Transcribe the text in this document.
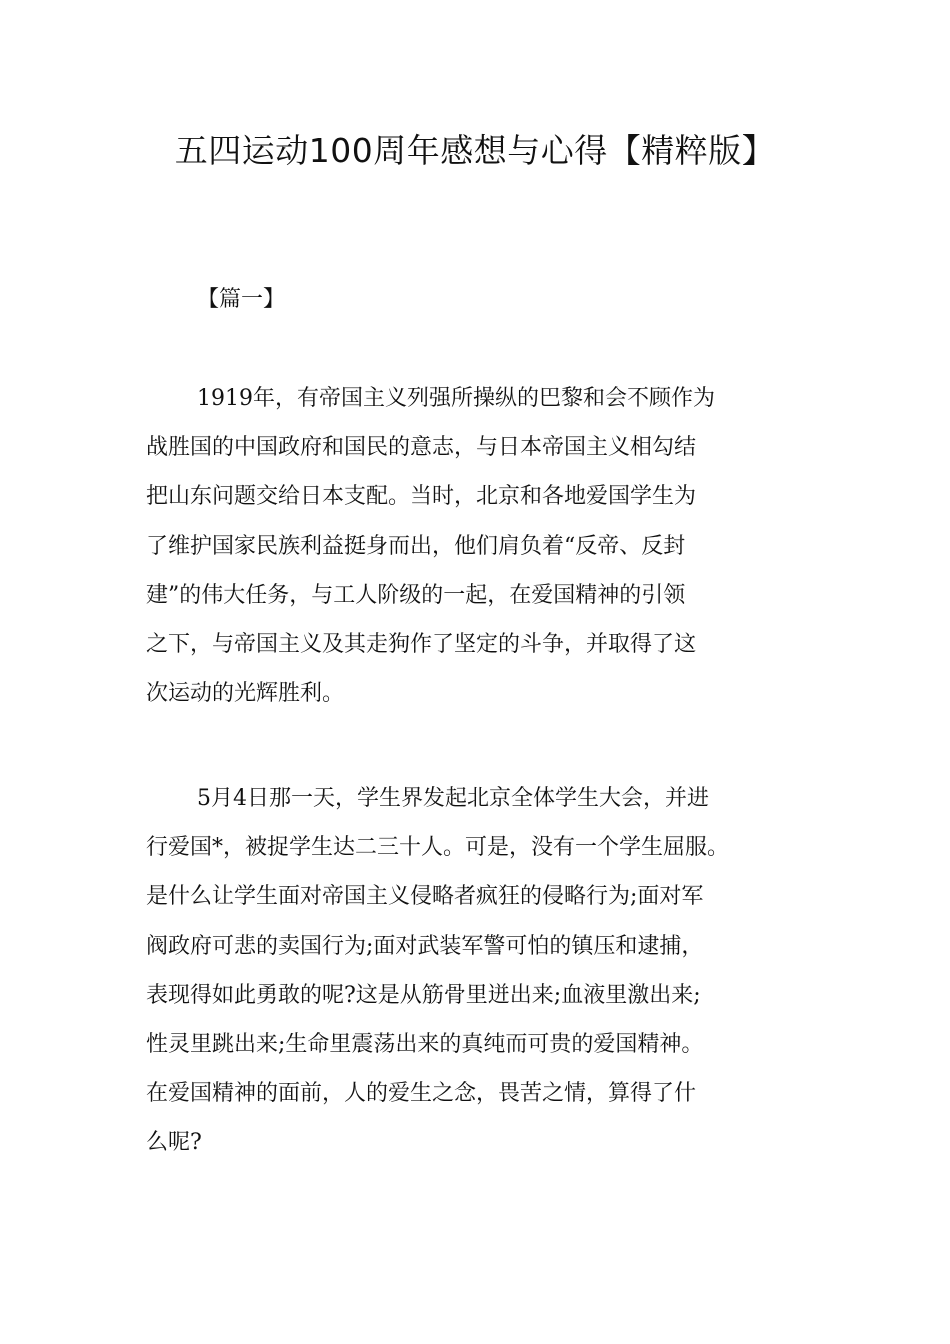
五四运动100周年感想与心得【精粹版】
【篇一】
1919年，有帝国主义列强所操纵的巴黎和会不顾作为
战胜国的中国政府和国民的意志，与日本帝国主义相勾结
把山东问题交给日本支配。当时，北京和各地爱国学生为
了维护国家民族利益挺身而出，他们肩负着“反帝、反封
建”的伟大任务，与工人阶级的一起，在爱国精神的引领
之下，与帝国主义及其走狗作了坚定的斗争，并取得了这
次运动的光辉胜利。
5月4日那一天，学生界发起北京全体学生大会，并进
行爱国*，被捉学生达二三十人。可是，没有一个学生屈服。
是什么让学生面对帝国主义侵略者疯狂的侵略行为;面对军
阀政府可悲的卖国行为;面对武装军警可怕的镇压和逮捕，
表现得如此勇敢的呢?这是从筋骨里迸出来;血液里激出来;
性灵里跳出来;生命里震荡出来的真纯而可贵的爱国精神。
在爱国精神的面前，人的爱生之念，畏苦之情，算得了什
么呢?
